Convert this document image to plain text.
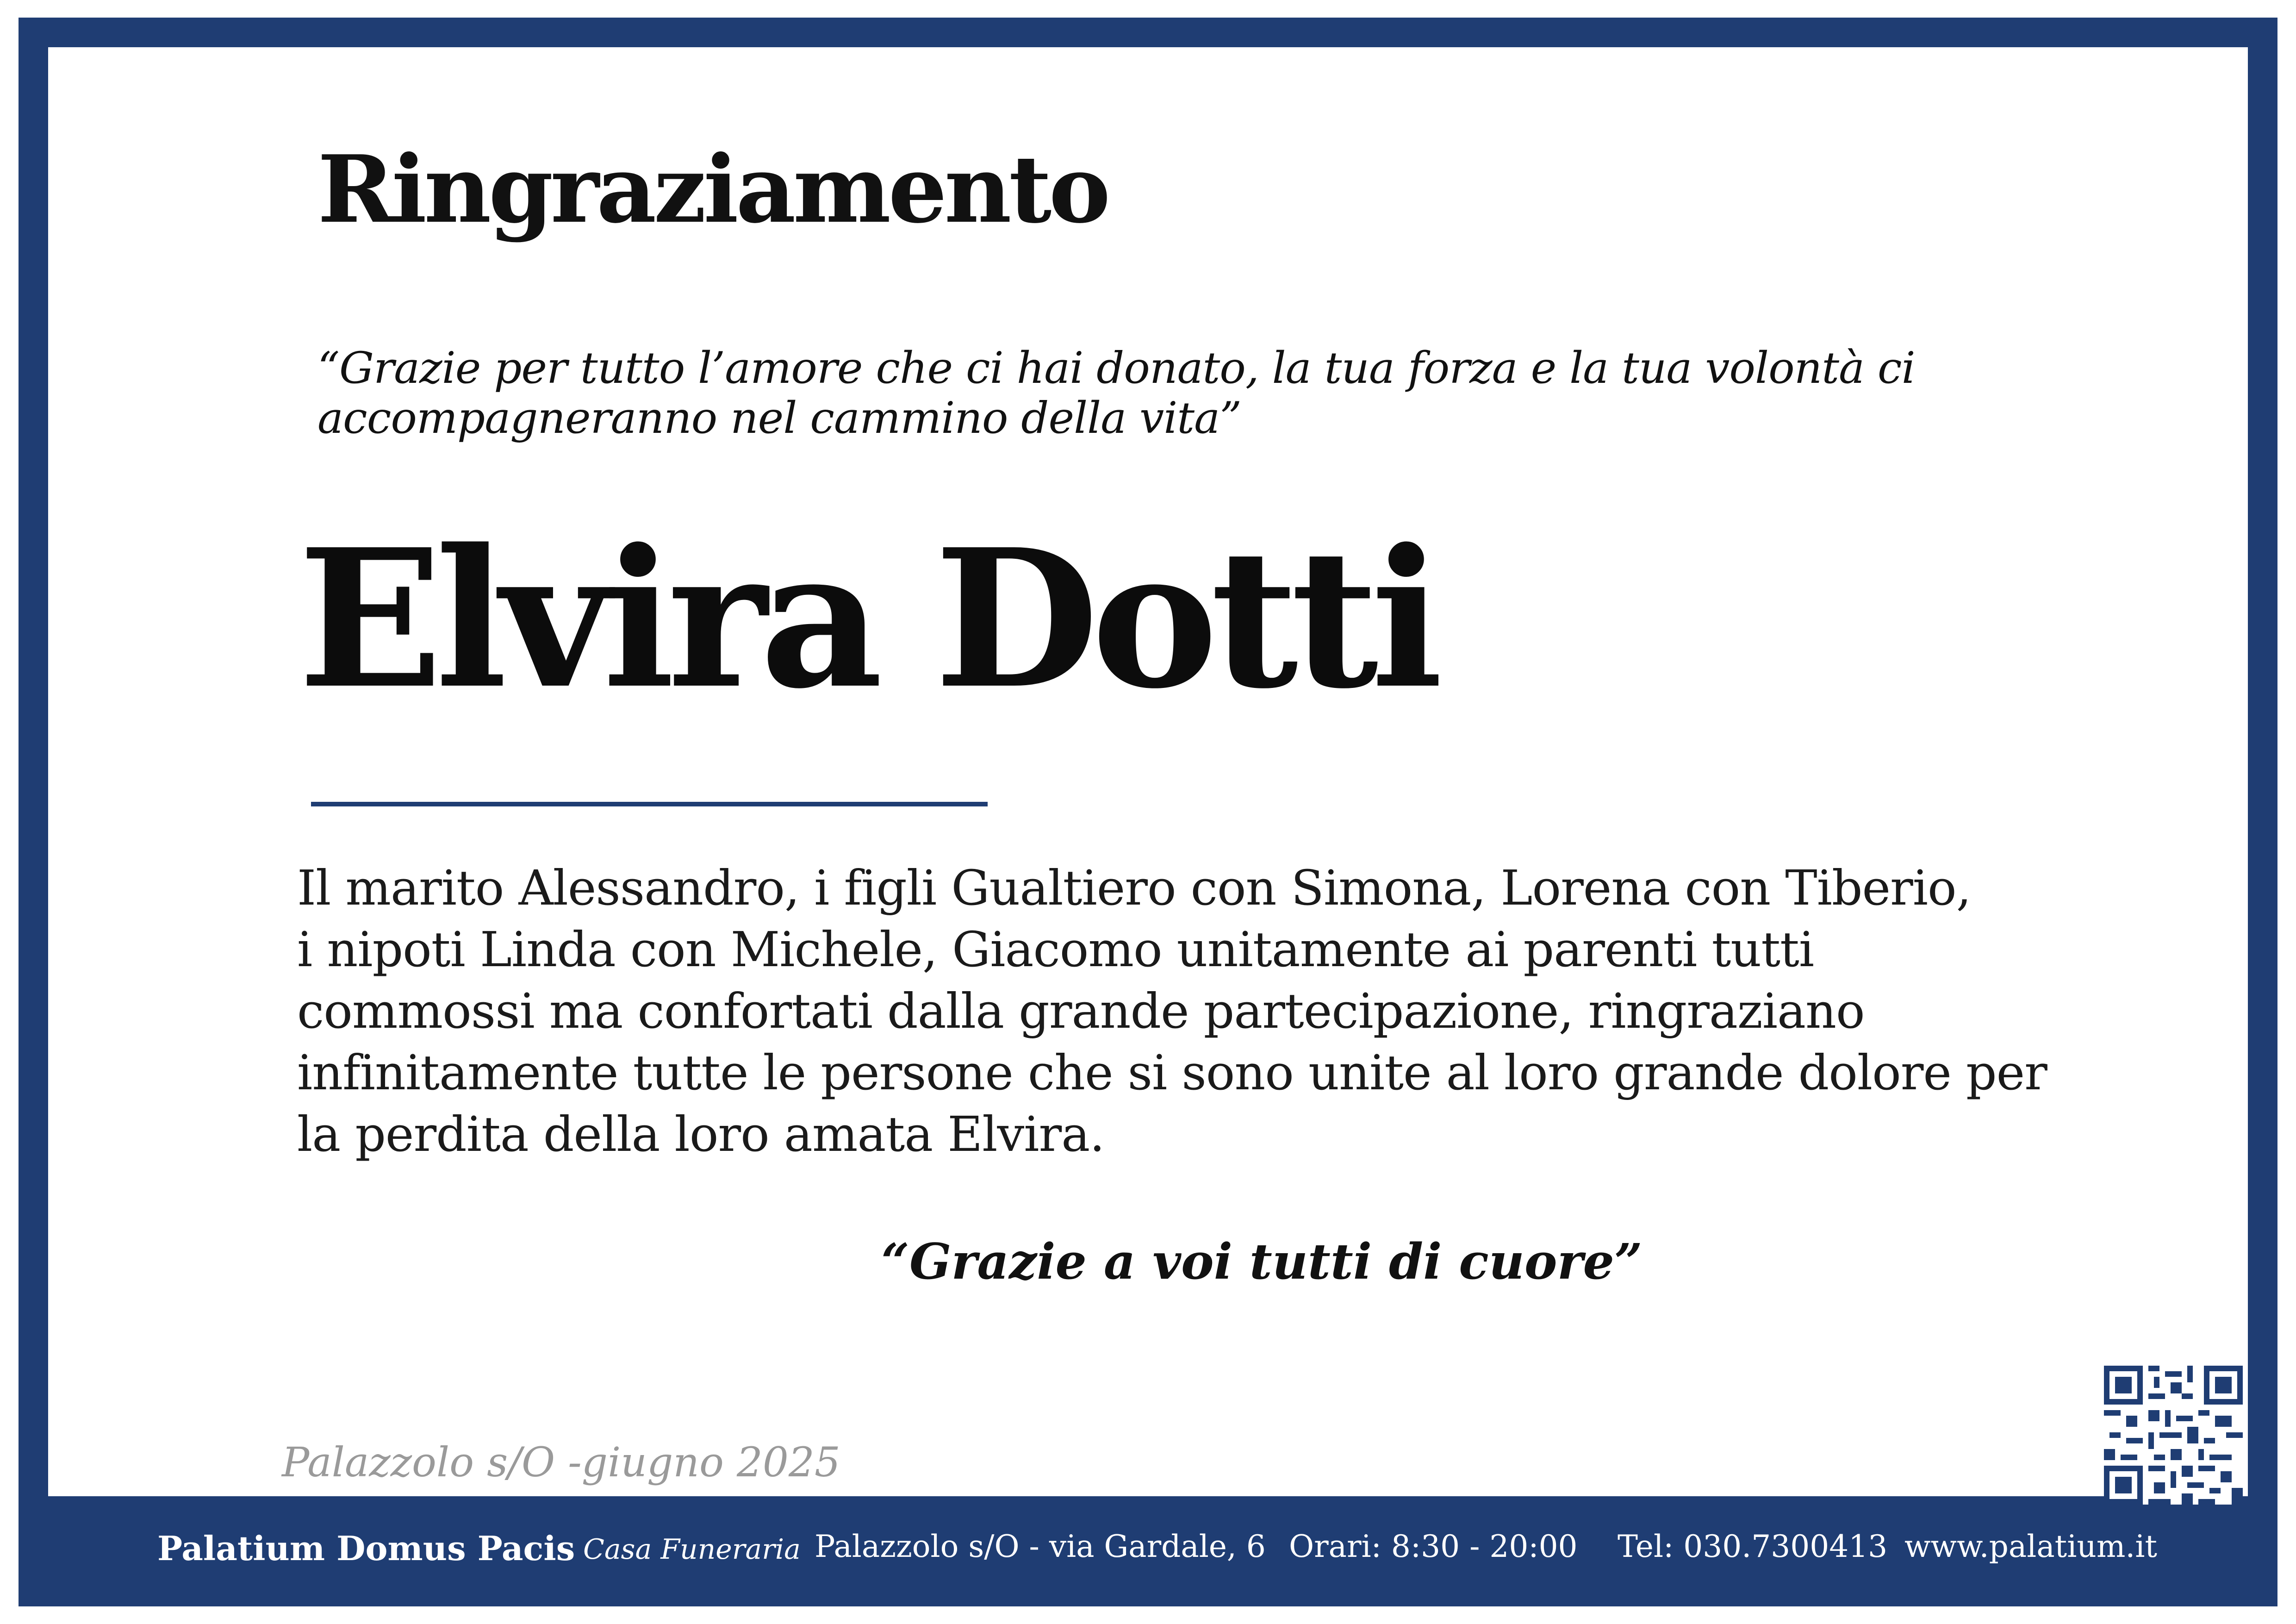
Ringraziamento
“Grazie per tutto l’amore che ci hai donato, la tua forza e la tua volontà ci
accompagneranno nel cammino della vita”
Elvira Dotti
Il marito Alessandro, i figli Gualtiero con Simona, Lorena con Tiberio,
i nipoti Linda con Michele, Giacomo unitamente ai parenti tutti
commossi ma confortati dalla grande partecipazione, ringraziano
infinitamente tutte le persone che si sono unite al loro grande dolore per
la perdita della loro amata Elvira.
“Grazie a voi tutti di cuore”
Palazzolo s/O -giugno 2025
Palatium Domus Pacis Casa Funeraria Palazzolo s/O - via Gardale, 6 Orari: 8:30 - 20:00 Tel: 030.7300413 www.palatium.it
